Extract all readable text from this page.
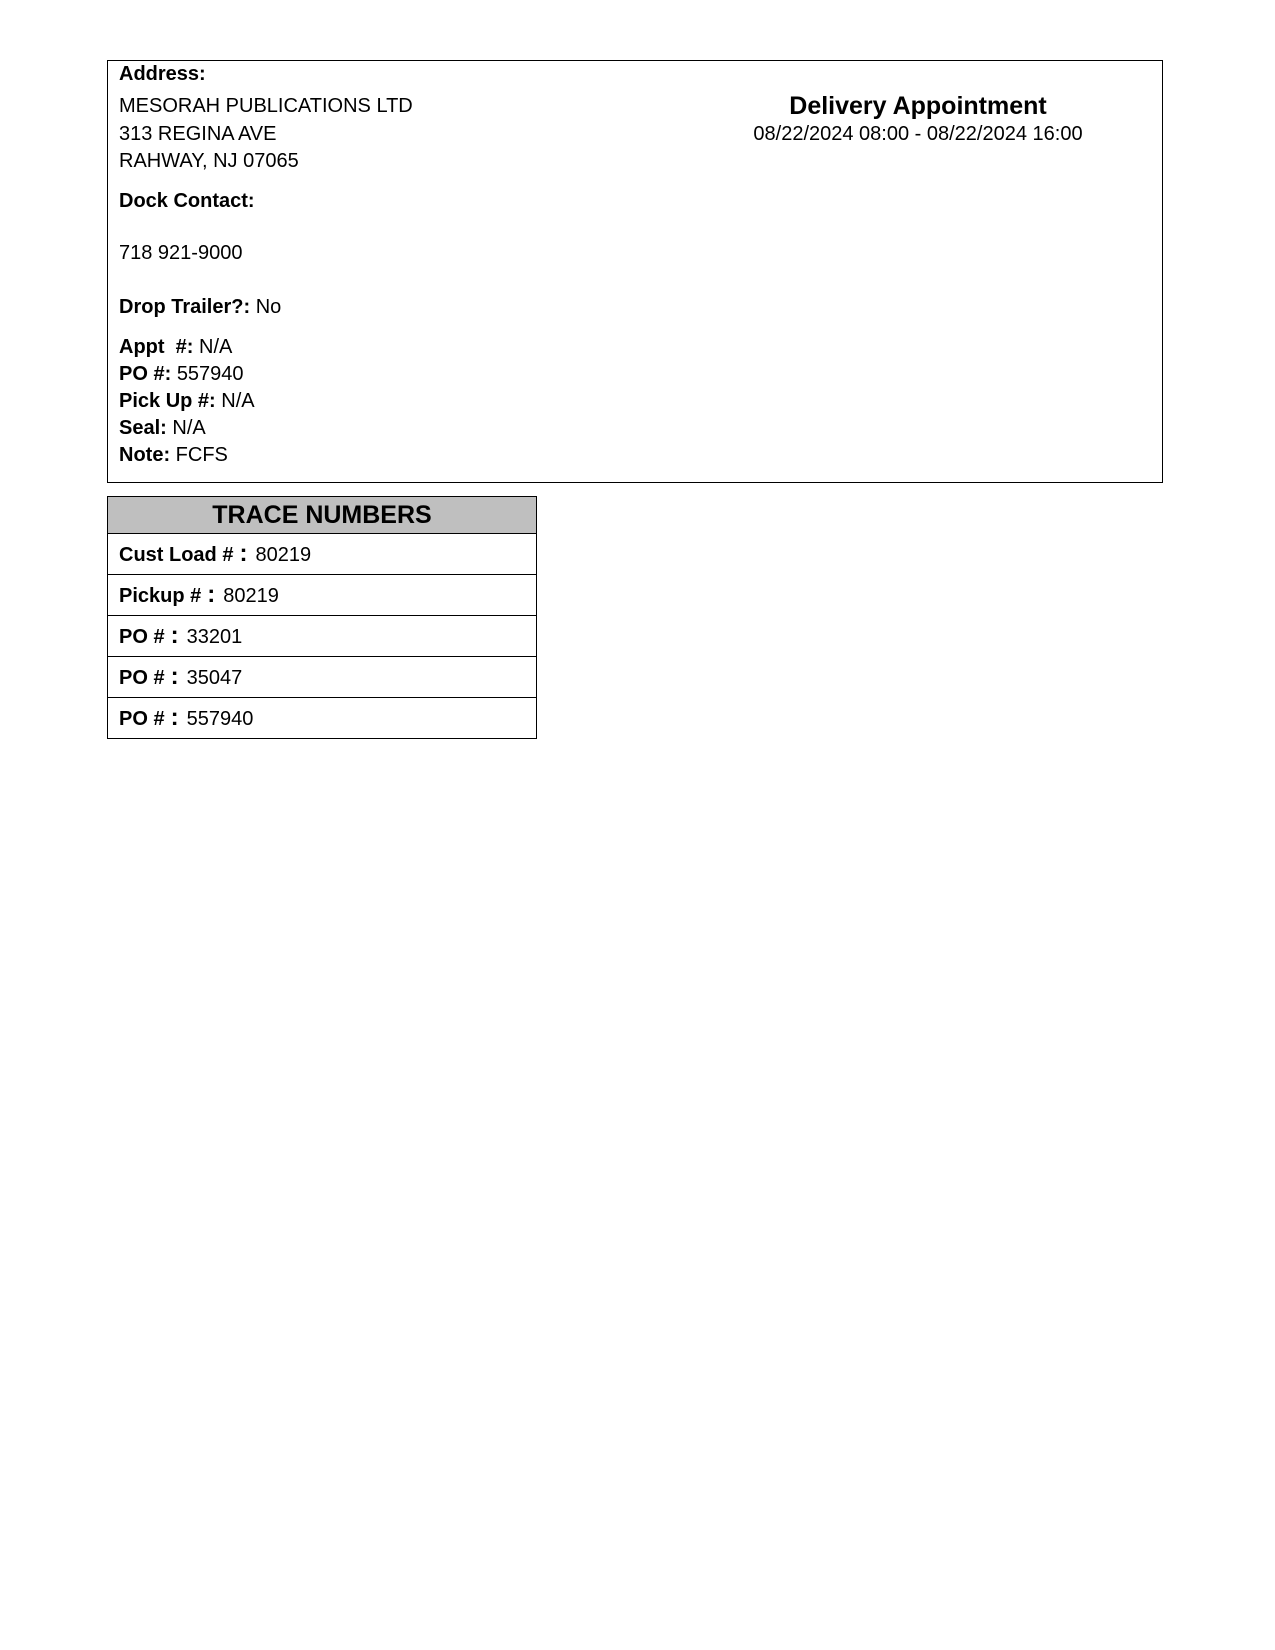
Address:
MESORAH PUBLICATIONS LTD
313 REGINA AVE
RAHWAY, NJ 07065
Dock Contact:
718 921-9000
Drop Trailer?: No
Appt  #: N/A
PO #: 557940
Pick Up #: N/A
Seal: N/A
Note: FCFS
Delivery Appointment
08/22/2024 08:00 - 08/22/2024 16:00
TRACE NUMBERS
Cust Load # : 80219
Pickup # : 80219
PO # : 33201
PO # : 35047
PO # : 557940
